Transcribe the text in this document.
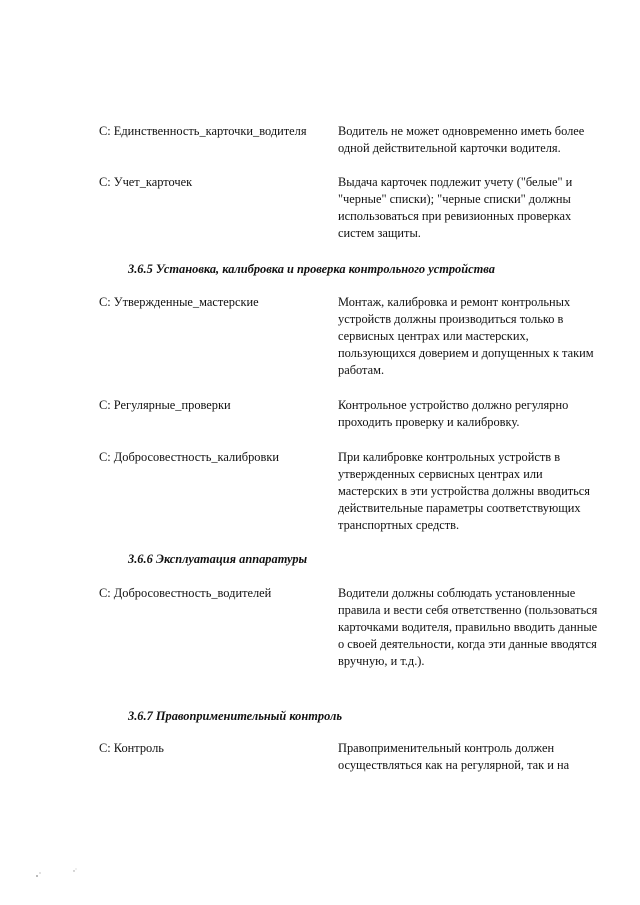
С: Единственность_карточки_водителя	Водитель не может одновременно иметь более одной действительной карточки водителя.
С: Учет_карточек	Выдача карточек подлежит учету ("белые" и "черные" списки); "черные списки" должны использоваться при ревизионных проверках систем защиты.
3.6.5 Установка, калибровка и проверка контрольного устройства
С: Утвержденные_мастерские	Монтаж, калибровка и ремонт контрольных устройств должны производиться только в сервисных центрах или мастерских, пользующихся доверием и допущенных к таким работам.
С: Регулярные_проверки	Контрольное устройство должно регулярно проходить проверку и калибровку.
С: Добросовестность_калибровки	При калибровке контрольных устройств в утвержденных сервисных центрах или мастерских в эти устройства должны вводиться действительные параметры соответствующих транспортных средств.
3.6.6 Эксплуатация аппаратуры
С: Добросовестность_водителей	Водители должны соблюдать установленные правила и вести себя ответственно (пользоваться карточками водителя, правильно вводить данные о своей деятельности, когда эти данные вводятся вручную, и т.д.).
3.6.7 Правоприменительный контроль
С: Контроль	Правоприменительный контроль должен осуществляться как на регулярной, так и на
